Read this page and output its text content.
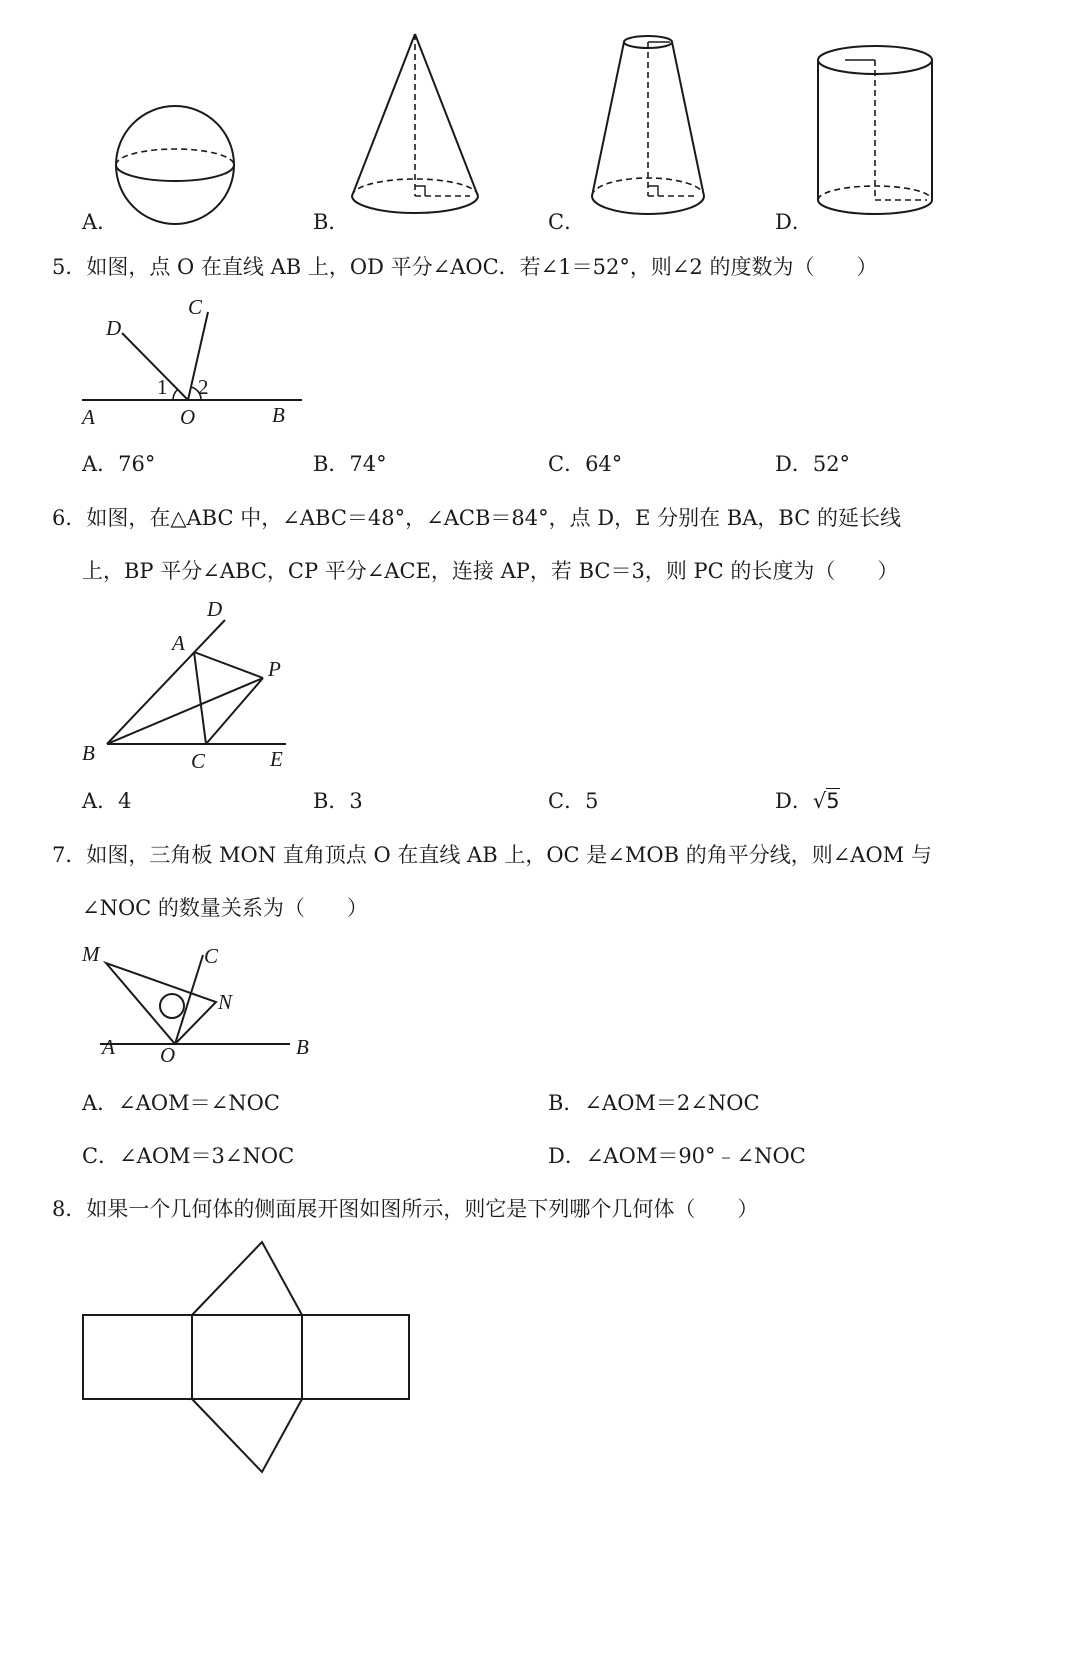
A．	B．	C．	D．
5．如图，点 O 在直线 AB 上，OD 平分∠AOC．若∠1＝52°，则∠2 的度数为（　　）
D
C
1 2
A	O	B
A．76°	B．74°	C．64°	D．52°
6．如图，在△ABC 中，∠ABC＝48°，∠ACB＝84°，点 D，E 分别在 BA，BC 的延长线
上，BP 平分∠ABC，CP 平分∠ACE，连接 AP，若 BC＝3，则 PC 的长度为（　　）
D
A
P
B	C	E
A．4	B．3	C．5	D．√5
7．如图，三角板 MON 直角顶点 O 在直线 AB 上，OC 是∠MOB 的角平分线，则∠AOM 与
∠NOC 的数量关系为（　　）
M	C
N
A O	B
A．∠AOM＝∠NOC	B．∠AOM＝2∠NOC
C．∠AOM＝3∠NOC	D．∠AOM＝90°﹣∠NOC
8．如果一个几何体的侧面展开图如图所示，则它是下列哪个几何体（　　）
